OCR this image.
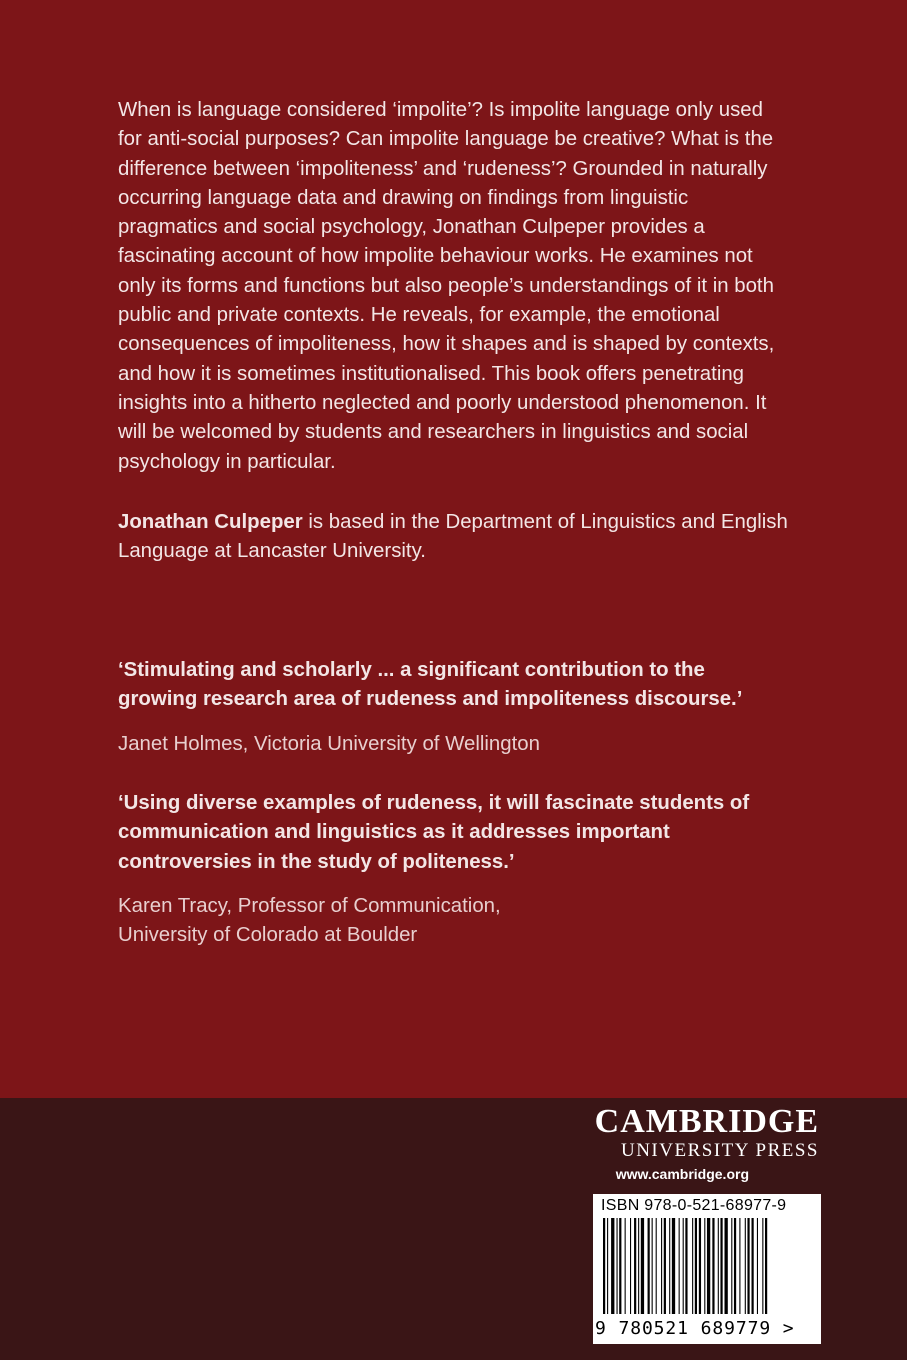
When is language considered ‘impolite’? Is impolite language only used for anti-social purposes? Can impolite language be creative? What is the difference between ‘impoliteness’ and ‘rudeness’? Grounded in naturally occurring language data and drawing on findings from linguistic pragmatics and social psychology, Jonathan Culpeper provides a fascinating account of how impolite behaviour works. He examines not only its forms and functions but also people’s understandings of it in both public and private contexts. He reveals, for example, the emotional consequences of impoliteness, how it shapes and is shaped by contexts, and how it is sometimes institutionalised. This book offers penetrating insights into a hitherto neglected and poorly understood phenomenon. It will be welcomed by students and researchers in linguistics and social psychology in particular.

Jonathan Culpeper is based in the Department of Linguistics and English Language at Lancaster University.

‘Stimulating and scholarly ... a significant contribution to the growing research area of rudeness and impoliteness discourse.’

Janet Holmes, Victoria University of Wellington

‘Using diverse examples of rudeness, it will fascinate students of communication and linguistics as it addresses important controversies in the study of politeness.’

Karen Tracy, Professor of Communication,
University of Colorado at Boulder
CAMBRIDGE
UNIVERSITY PRESS
www.cambridge.org
ISBN 978-0-521-68977-9
9 780521 689779 >
